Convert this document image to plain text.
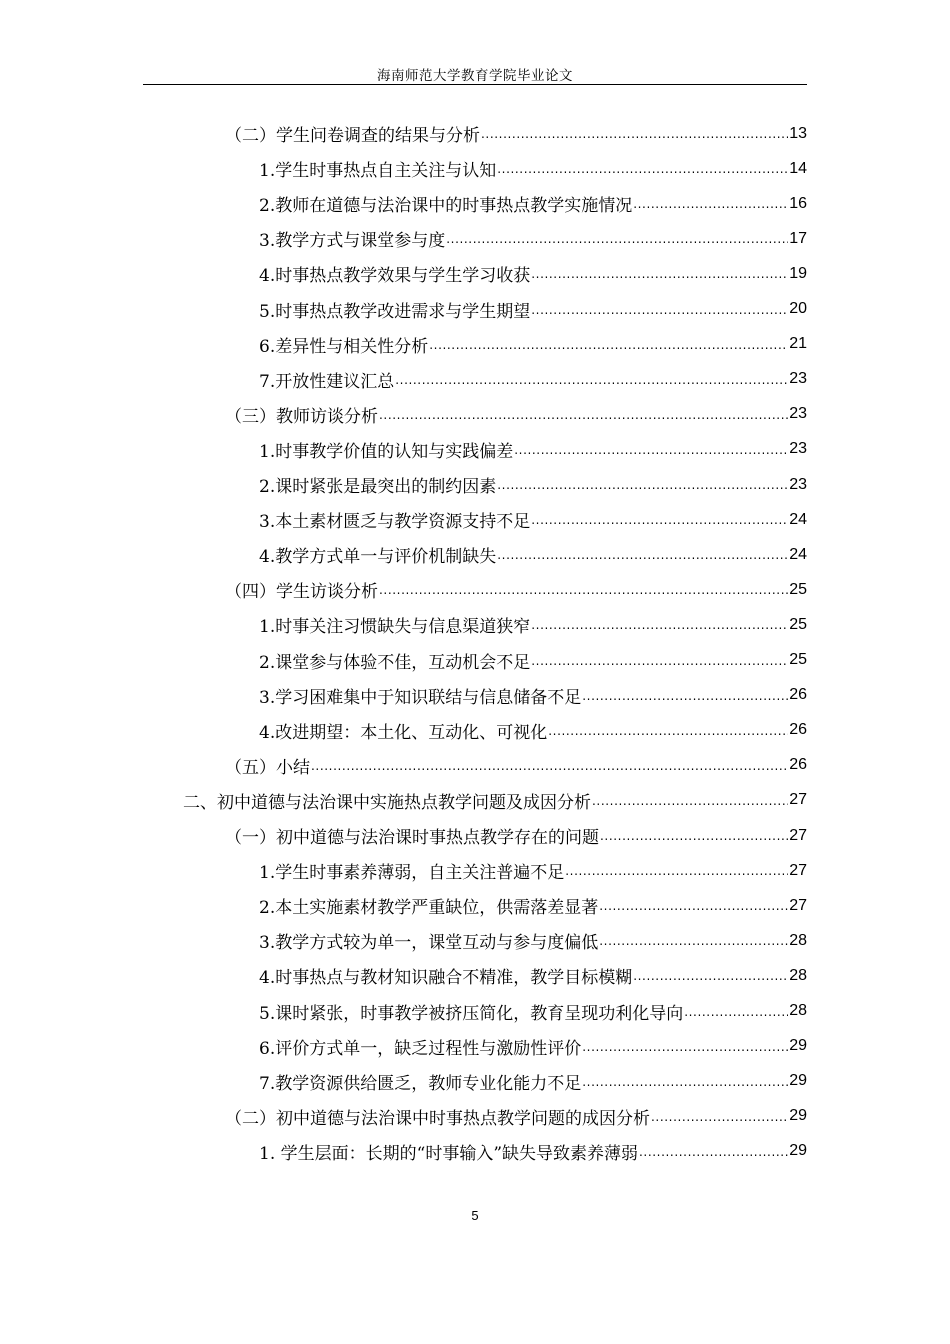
海南师范大学教育学院毕业论文
（二）学生问卷调查的结果与分析 .....	13
1.学生时事热点自主关注与认知 .....	14
2.教师在道德与法治课中的时事热点教学实施情况 .....	16
3.教学方式与课堂参与度 .....	17
4.时事热点教学效果与学生学习收获 .....	19
5.时事热点教学改进需求与学生期望 .....	20
6.差异性与相关性分析 .....	21
7.开放性建议汇总 .....	23
（三）教师访谈分析 .....	23
1.时事教学价值的认知与实践偏差 .....	23
2.课时紧张是最突出的制约因素 .....	23
3.本土素材匮乏与教学资源支持不足 .....	24
4.教学方式单一与评价机制缺失 .....	24
（四）学生访谈分析 .....	25
1.时事关注习惯缺失与信息渠道狭窄 .....	25
2.课堂参与体验不佳，互动机会不足 .....	25
3.学习困难集中于知识联结与信息储备不足 .....	26
4.改进期望：本土化、互动化、可视化 .....	26
（五）小结 .....	26
二、初中道德与法治课中实施热点教学问题及成因分析 .....	27
（一）初中道德与法治课时事热点教学存在的问题 .....	27
1.学生时事素养薄弱，自主关注普遍不足 .....	27
2.本土实施素材教学严重缺位，供需落差显著 .....	27
3.教学方式较为单一，课堂互动与参与度偏低 .....	28
4.时事热点与教材知识融合不精准，教学目标模糊 .....	28
5.课时紧张，时事教学被挤压简化，教育呈现功利化导向 .....	28
6.评价方式单一，缺乏过程性与激励性评价 .....	29
7.教学资源供给匮乏，教师专业化能力不足 .....	29
（二）初中道德与法治课中时事热点教学问题的成因分析 .....	29
1. 学生层面：长期的“时事输入”缺失导致素养薄弱 .....	29
5
